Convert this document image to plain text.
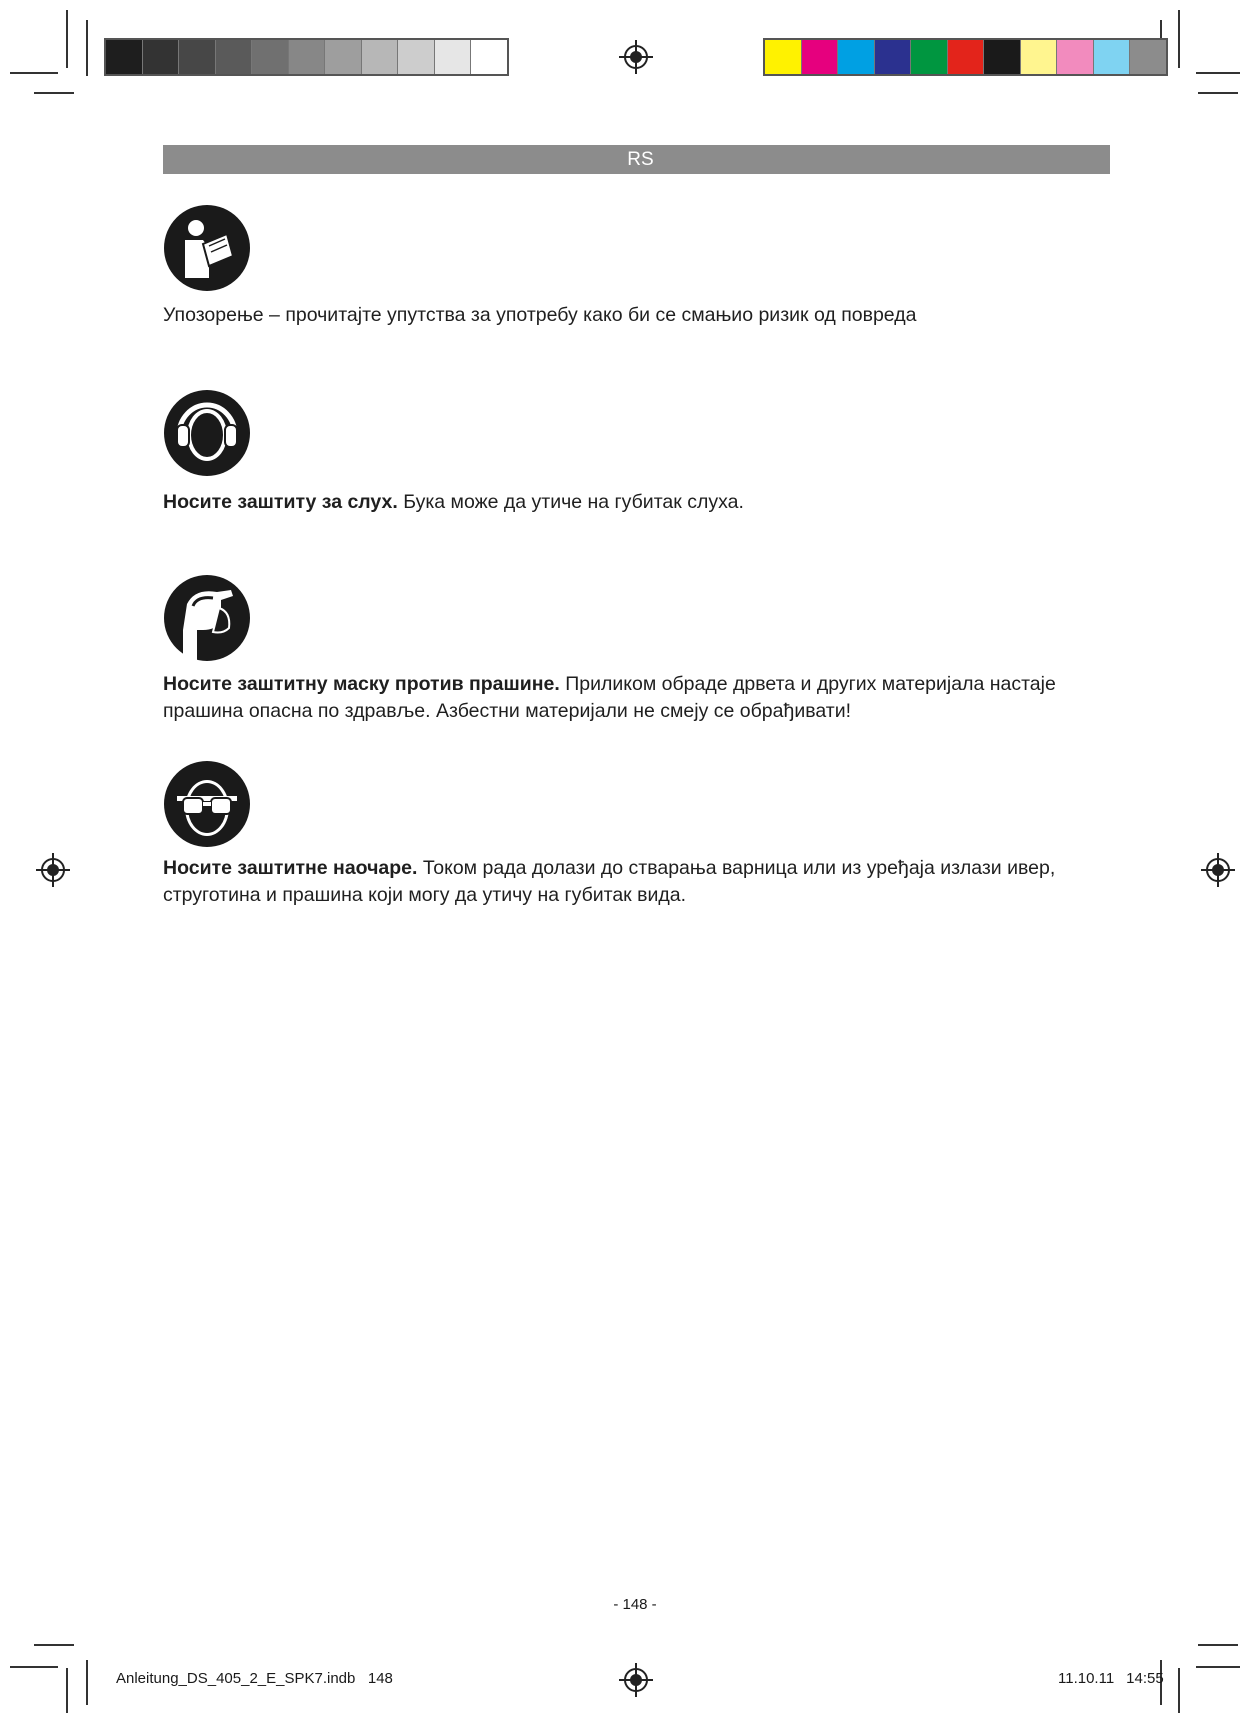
RS
Упозорење – прочитајте упутства за употребу како би се смањио ризик од повреда
Носите заштиту за слух. Бука може да утиче на губитак слуха.
Носите заштитну маску против прашине. Приликом обраде дрвета и других материјала настаје прашина опасна по здравље. Азбестни материјали не смеју се обрађивати!
Носите заштитне наочаре. Током рада долази до стварања варница или из уређаја излази ивер, струготина и прашина који могу да утичу на губитак вида.
- 148 -
Anleitung_DS_405_2_E_SPK7.indb   148	11.10.11 14:55
